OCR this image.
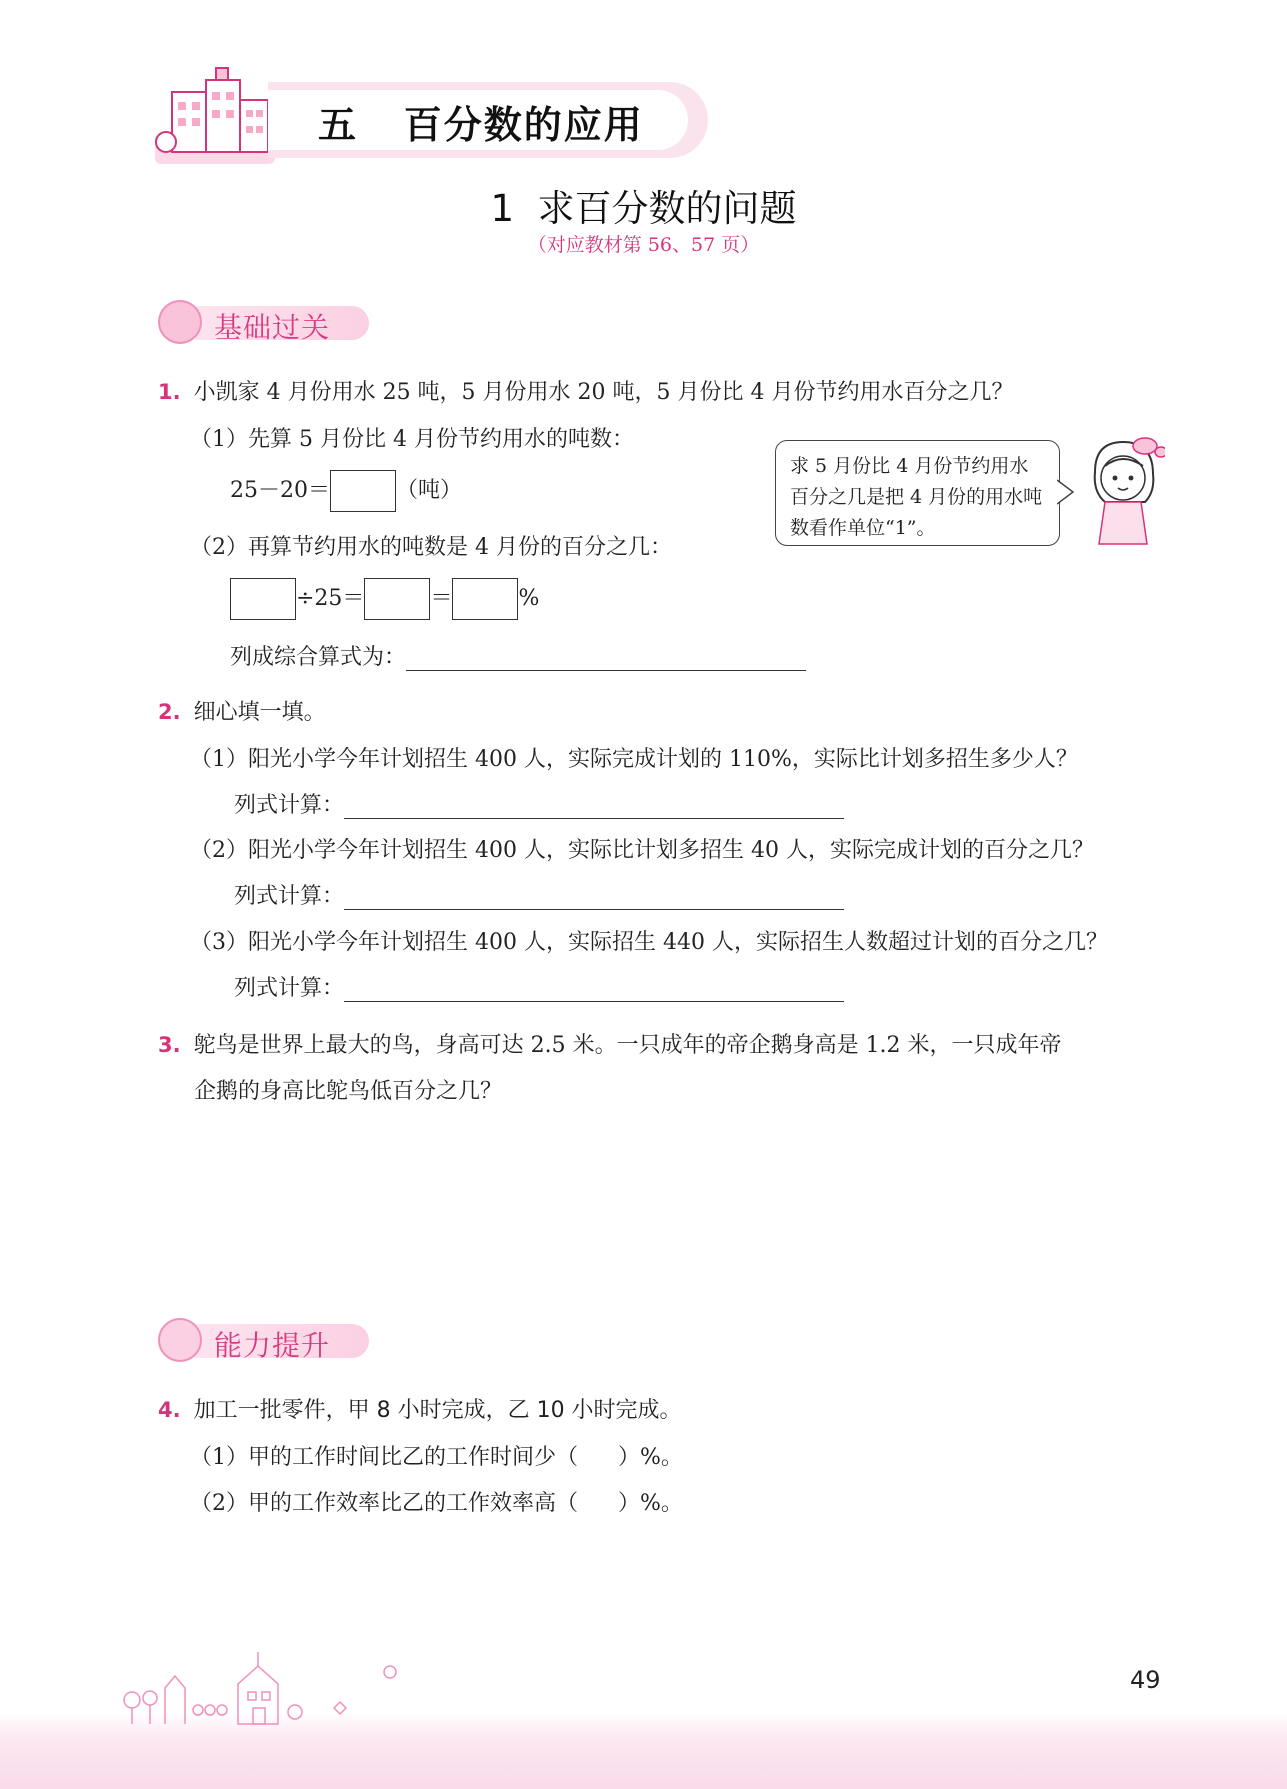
五   百分数的应用
1  求百分数的问题
（对应教材第 56、57 页）
基础过关
1. 小凯家 4 月份用水 25 吨，5 月份用水 20 吨，5 月份比 4 月份节约用水百分之几？
（1）先算 5 月份比 4 月份节约用水的吨数：
25－20＝	（吨）
（2）再算节约用水的吨数是 4 月份的百分之几：
÷25＝	＝	%
列成综合算式为：
求 5 月份比 4 月份节约用水百分之几是把 4 月份的用水吨数看作单位“1”。
2. 细心填一填。
（1）阳光小学今年计划招生 400 人，实际完成计划的 110%，实际比计划多招生多少人？
列式计算：
（2）阳光小学今年计划招生 400 人，实际比计划多招生 40 人，实际完成计划的百分之几？
列式计算：
（3）阳光小学今年计划招生 400 人，实际招生 440 人，实际招生人数超过计划的百分之几？
列式计算：
3. 鸵鸟是世界上最大的鸟，身高可达 2.5 米。一只成年的帝企鹅身高是 1.2 米，一只成年帝
企鹅的身高比鸵鸟低百分之几？
能力提升
4. 加工一批零件，甲 8 小时完成，乙 10 小时完成。
（1）甲的工作时间比乙的工作时间少（ ）%。
（2）甲的工作效率比乙的工作效率高（ ）%。
49
